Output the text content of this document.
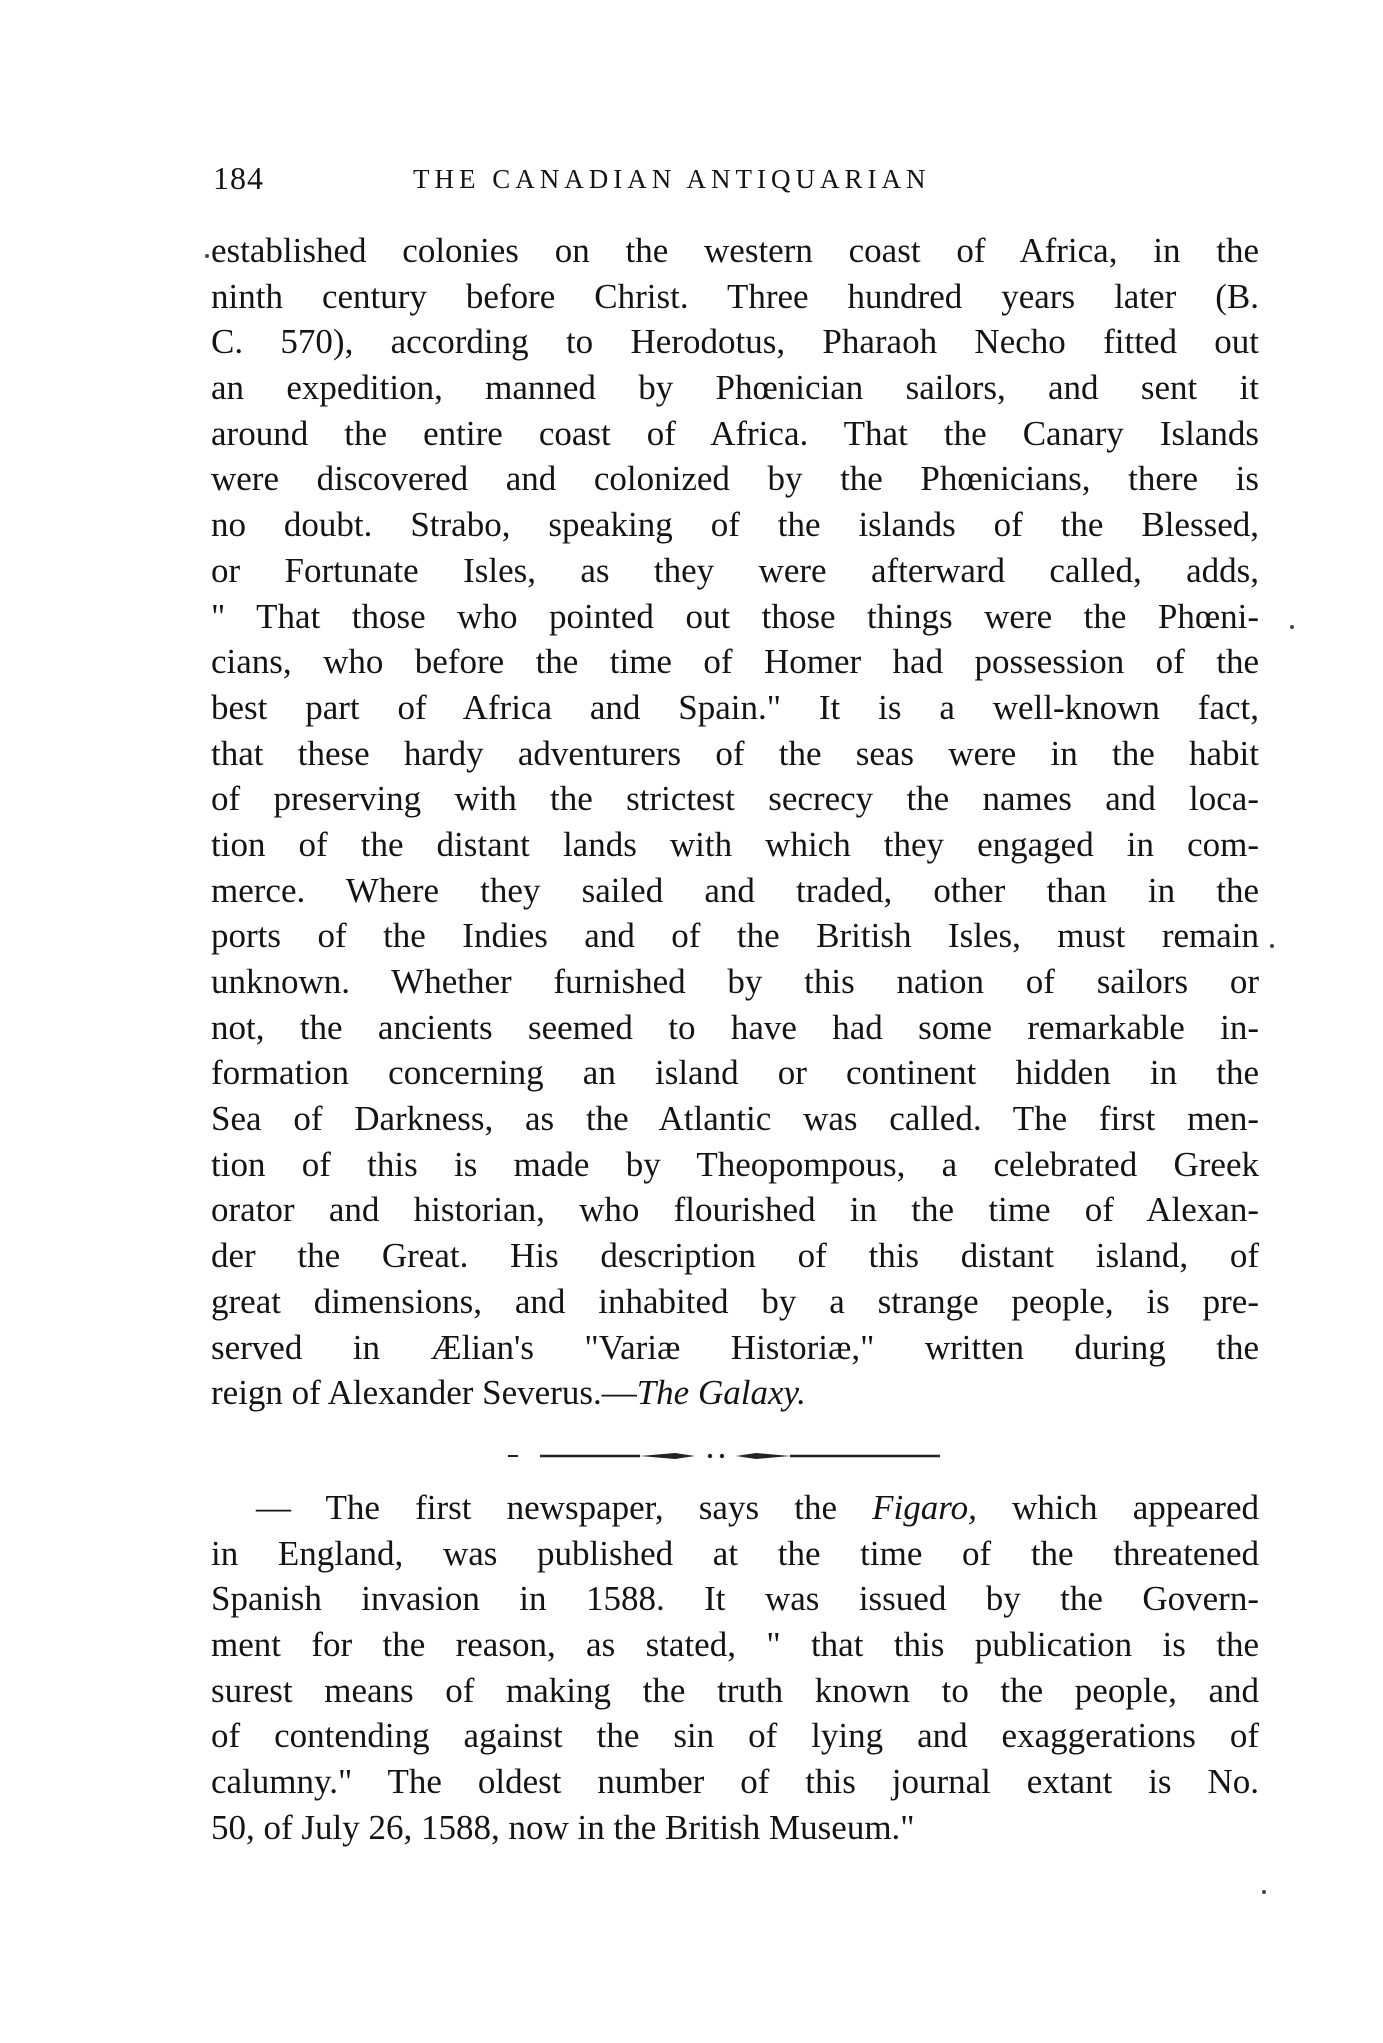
184	THE CANADIAN ANTIQUARIAN
established colonies on the western coast of Africa, in the
ninth century before Christ. Three hundred years later (B.
C. 570), according to Herodotus, Pharaoh Necho fitted out
an expedition, manned by Phœnician sailors, and sent it
around the entire coast of Africa. That the Canary Islands
were discovered and colonized by the Phœnicians, there is
no doubt. Strabo, speaking of the islands of the Blessed,
or Fortunate Isles, as they were afterward called, adds,
" That those who pointed out those things were the Phœni-
cians, who before the time of Homer had possession of the
best part of Africa and Spain." It is a well-known fact,
that these hardy adventurers of the seas were in the habit
of preserving with the strictest secrecy the names and loca-
tion of the distant lands with which they engaged in com-
merce. Where they sailed and traded, other than in the
ports of the Indies and of the British Isles, must remain
unknown. Whether furnished by this nation of sailors or
not, the ancients seemed to have had some remarkable in-
formation concerning an island or continent hidden in the
Sea of Darkness, as the Atlantic was called. The first men-
tion of this is made by Theopompous, a celebrated Greek
orator and historian, who flourished in the time of Alexan-
der the Great. His description of this distant island, of
great dimensions, and inhabited by a strange people, is pre-
served in Ælian's "Variæ Historiæ," written during the
reign of Alexander Severus.—The Galaxy.
— The first newspaper, says the Figaro, which appeared
in England, was published at the time of the threatened
Spanish invasion in 1588. It was issued by the Govern-
ment for the reason, as stated, " that this publication is the
surest means of making the truth known to the people, and
of contending against the sin of lying and exaggerations of
calumny." The oldest number of this journal extant is No.
50, of July 26, 1588, now in the British Museum."
